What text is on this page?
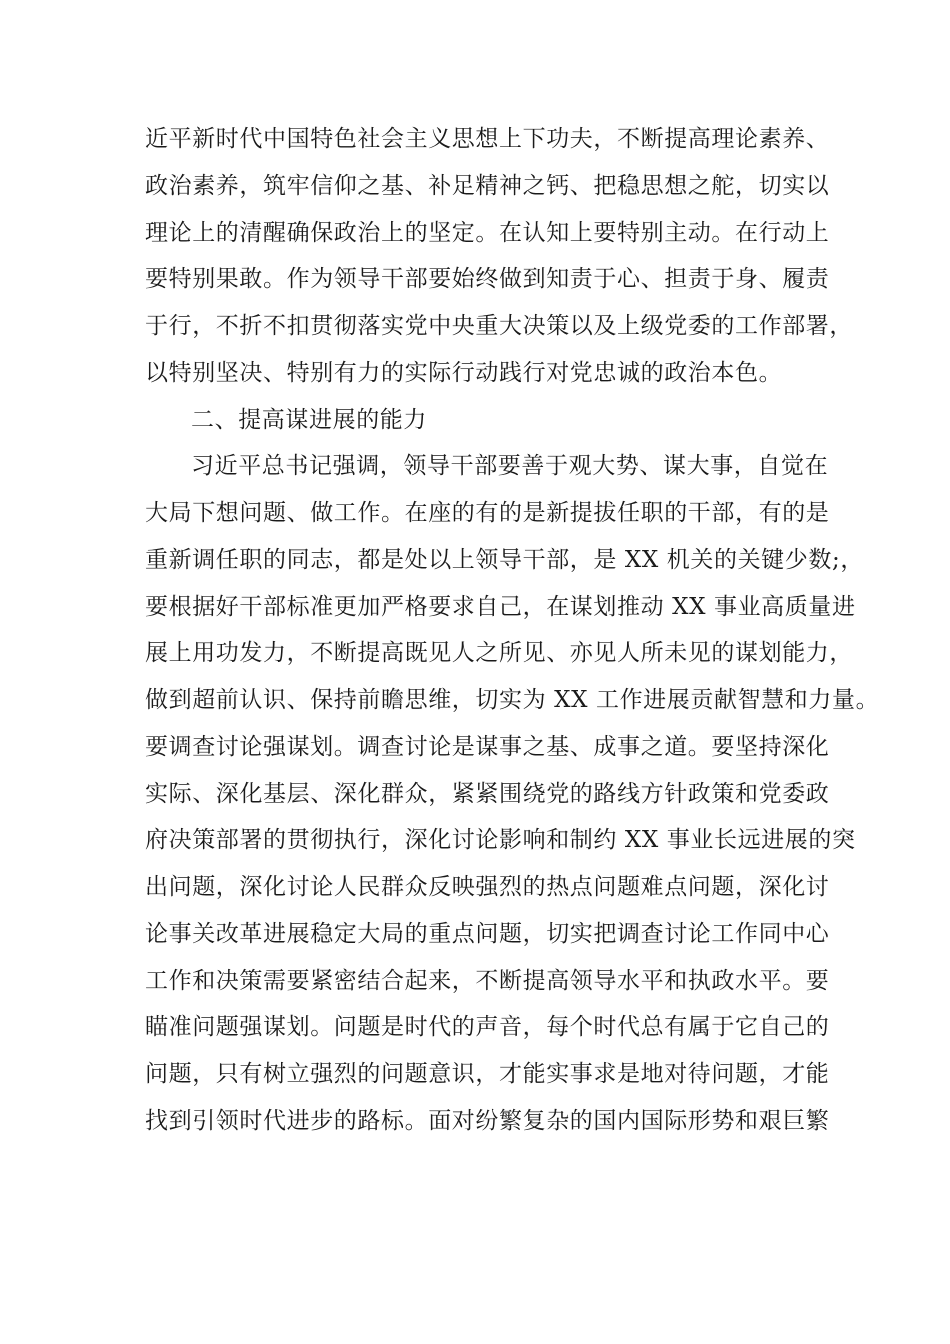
近平新时代中国特色社会主义思想上下功夫，不断提高理论素养、

政治素养，筑牢信仰之基、补足精神之钙、把稳思想之舵，切实以

理论上的清醒确保政治上的坚定。在认知上要特别主动。在行动上

要特别果敢。作为领导干部要始终做到知责于心、担责于身、履责

于行，不折不扣贯彻落实党中央重大决策以及上级党委的工作部署，

以特别坚决、特别有力的实际行动践行对党忠诚的政治本色。

二、提高谋进展的能力

习近平总书记强调，领导干部要善于观大势、谋大事，自觉在

大局下想问题、做工作。在座的有的是新提拔任职的干部，有的是

重新调任职的同志，都是处以上领导干部，是 XX 机关的关键少数;，

要根据好干部标准更加严格要求自己，在谋划推动 XX 事业高质量进

展上用功发力，不断提高既见人之所见、亦见人所未见的谋划能力，

做到超前认识、保持前瞻思维，切实为 XX 工作进展贡献智慧和力量。

要调查讨论强谋划。调查讨论是谋事之基、成事之道。要坚持深化

实际、深化基层、深化群众，紧紧围绕党的路线方针政策和党委政

府决策部署的贯彻执行，深化讨论影响和制约 XX 事业长远进展的突

出问题，深化讨论人民群众反映强烈的热点问题难点问题，深化讨

论事关改革进展稳定大局的重点问题，切实把调查讨论工作同中心

工作和决策需要紧密结合起来，不断提高领导水平和执政水平。要

瞄准问题强谋划。问题是时代的声音，每个时代总有属于它自己的

问题，只有树立强烈的问题意识，才能实事求是地对待问题，才能

找到引领时代进步的路标。面对纷繁复杂的国内国际形势和艰巨繁
